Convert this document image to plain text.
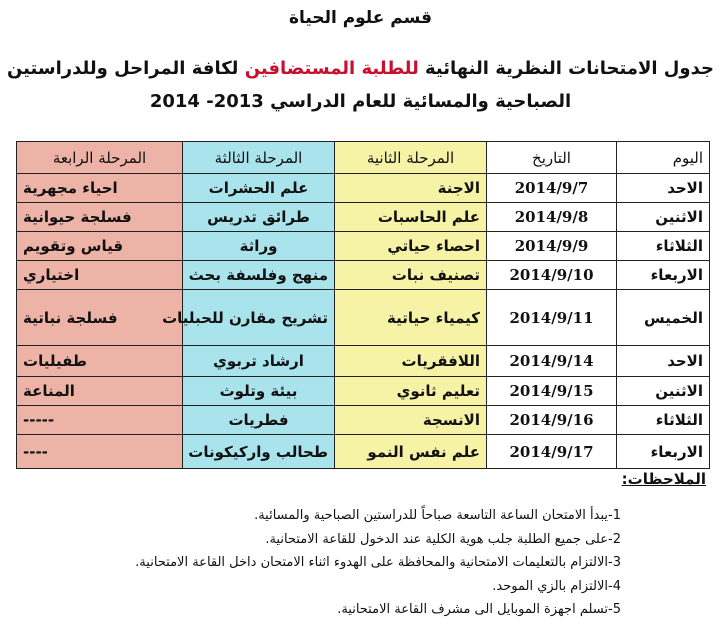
قسم علوم الحياة
جدول الامتحانات النظرية النهائية للطلبة المستضافين لكافة المراحل وللدراستين
الصباحية والمسائية للعام الدراسي 2013- 2014
اليوم	التاريخ	المرحلة الثانية	المرحلة الثالثة	المرحلة الرابعة
الاحد	2014/9/7	الاجنة	علم الحشرات	احياء مجهرية
الاثنين	2014/9/8	علم الحاسبات	طرائق تدريس	فسلجة حيوانية
الثلاثاء	2014/9/9	احصاء حياتي	وراثة	قياس وتقويم
الاربعاء	2014/9/10	تصنيف نبات	منهج وفلسفة بحث	اختياري
الخميس	2014/9/11	كيمياء حياتية	تشريح مقارن للحبليات	فسلجة نباتية
الاحد	2014/9/14	اللافقريات	ارشاد تربوي	طفيليات
الاثنين	2014/9/15	تعليم ثانوي	بيئة وتلوث	المناعة
الثلاثاء	2014/9/16	الانسجة	فطريات	-----
الاربعاء	2014/9/17	علم نفس النمو	طحالب واركيكونات	----
الملاحظات:
-1
يبدأ الامتحان الساعة التاسعة صباحاً للدراستين الصباحية والمسائية.
-2
على جميع الطلبة جلب هوية الكلية عند الدخول للقاعة الامتحانية.
-3
الالتزام بالتعليمات الامتحانية والمحافظة على الهدوء اثناء الامتحان داخل القاعة الامتحانية.
-4
الالتزام بالزي الموحد.
-5
تسلم اجهزة الموبايل الى مشرف القاعة الامتحانية.
